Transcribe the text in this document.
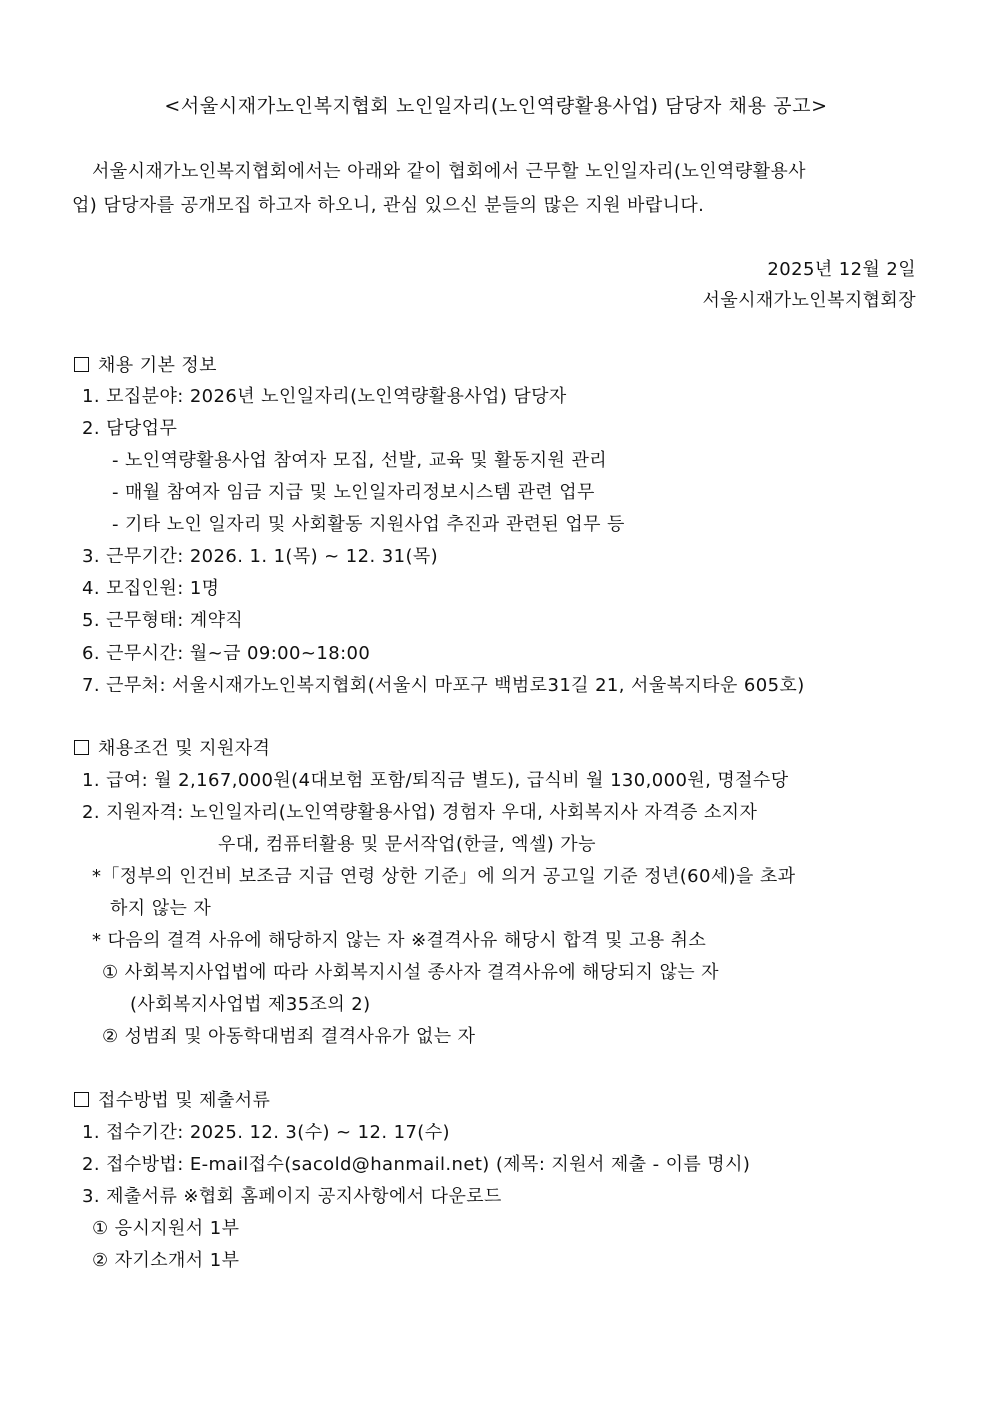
<서울시재가노인복지협회 노인일자리(노인역량활용사업) 담당자 채용 공고>
서울시재가노인복지협회에서는 아래와 같이 협회에서 근무할 노인일자리(노인역량활용사
업) 담당자를 공개모집 하고자 하오니, 관심 있으신 분들의 많은 지원 바랍니다.
2025년 12월 2일
서울시재가노인복지협회장
채용 기본 정보
1. 모집분야: 2026년 노인일자리(노인역량활용사업) 담당자
2. 담당업무
- 노인역량활용사업 참여자 모집, 선발, 교육 및 활동지원 관리
- 매월 참여자 임금 지급 및 노인일자리정보시스템 관련 업무
- 기타 노인 일자리 및 사회활동 지원사업 추진과 관련된 업무 등
3. 근무기간: 2026. 1. 1(목) ~ 12. 31(목)
4. 모집인원: 1명
5. 근무형태: 계약직
6. 근무시간: 월~금 09:00~18:00
7. 근무처: 서울시재가노인복지협회(서울시 마포구 백범로31길 21, 서울복지타운 605호)
채용조건 및 지원자격
1. 급여: 월 2,167,000원(4대보험 포함/퇴직금 별도), 급식비 월 130,000원, 명절수당
2. 지원자격: 노인일자리(노인역량활용사업) 경험자 우대, 사회복지사 자격증 소지자
우대, 컴퓨터활용 및 문서작업(한글, 엑셀) 가능
*「정부의 인건비 보조금 지급 연령 상한 기준」에 의거 공고일 기준 정년(60세)을 초과
하지 않는 자
* 다음의 결격 사유에 해당하지 않는 자 ※결격사유 해당시 합격 및 고용 취소
① 사회복지사업법에 따라 사회복지시설 종사자 결격사유에 해당되지 않는 자
(사회복지사업법 제35조의 2)
② 성범죄 및 아동학대범죄 결격사유가 없는 자
접수방법 및 제출서류
1. 접수기간: 2025. 12. 3(수) ~ 12. 17(수)
2. 접수방법: E-mail접수(sacold@hanmail.net) (제목: 지원서 제출 - 이름 명시)
3. 제출서류 ※협회 홈페이지 공지사항에서 다운로드
① 응시지원서 1부
② 자기소개서 1부
